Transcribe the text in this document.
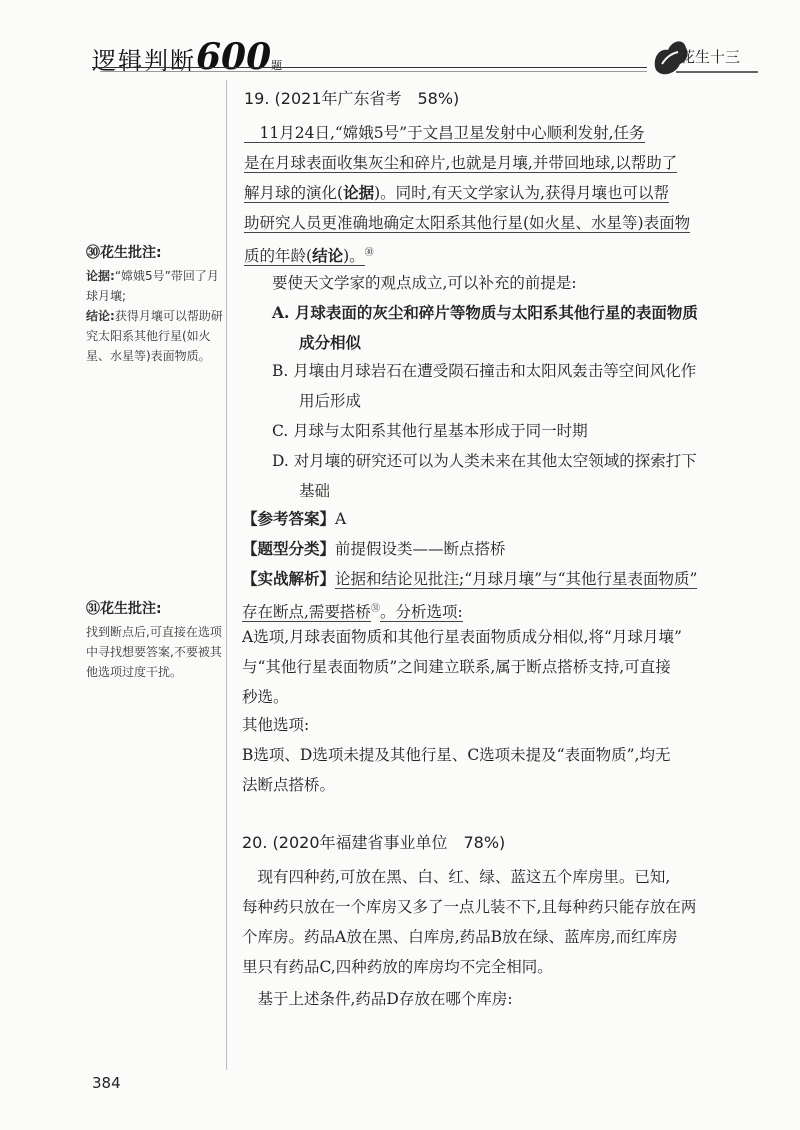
逻辑判断600题	花生十三
㉚花生批注:

论据:“嫦娥5号”带回了月球月壤;

结论:获得月壤可以帮助研究太阳系其他行星(如火星、水星等)表面物质。

㉛花生批注:

找到断点后,可直接在选项中寻找想要答案,不要被其他选项过度干扰。

19. (2021年广东省考　58%)
　11月24日,“嫦娥5号”于文昌卫星发射中心顺利发射,任务
是在月球表面收集灰尘和碎片,也就是月壤,并带回地球,以帮助了
解月球的演化(论据)。同时,有天文学家认为,获得月壤也可以帮
助研究人员更准确地确定太阳系其他行星(如火星、水星等)表面物
质的年龄(结论)。$^㉚$
要使天文学家的观点成立,可以补充的前提是:
A. 月球表面的灰尘和碎片等物质与太阳系其他行星的表面物质
成分相似
B. 月壤由月球岩石在遭受陨石撞击和太阳风轰击等空间风化作
用后形成
C. 月球与太阳系其他行星基本形成于同一时期
D. 对月壤的研究还可以为人类未来在其他太空领域的探索打下
基础
【参考答案】A
【题型分类】前提假设类——断点搭桥
【实战解析】论据和结论见批注;“月球月壤”与“其他行星表面物质”
存在断点,需要搭桥$^㉛$。分析选项:
A选项,月球表面物质和其他行星表面物质成分相似,将“月球月壤”
与“其他行星表面物质”之间建立联系,属于断点搭桥支持,可直接
秒选。
其他选项:
B选项、D选项未提及其他行星、C选项未提及“表面物质”,均无
法断点搭桥。
20. (2020年福建省事业单位　78%)
　现有四种药,可放在黑、白、红、绿、蓝这五个库房里。已知,
每种药只放在一个库房又多了一点儿装不下,且每种药只能存放在两
个库房。药品A放在黑、白库房,药品B放在绿、蓝库房,而红库房
里只有药品C,四种药放的库房均不完全相同。
　基于上述条件,药品D存放在哪个库房:
384
